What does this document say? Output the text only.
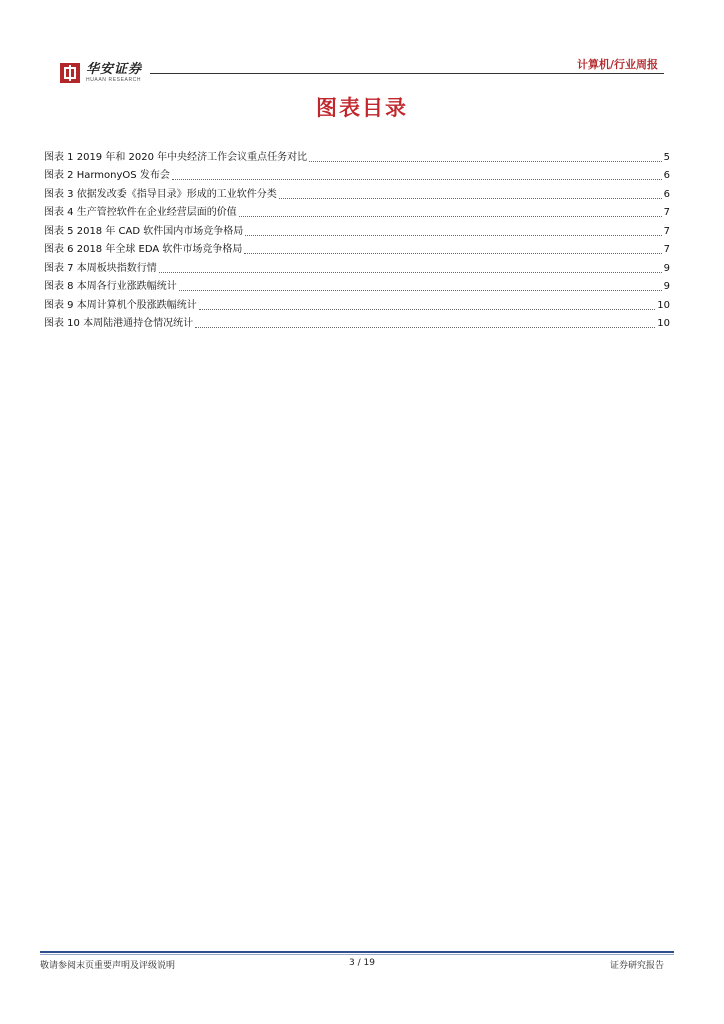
华安证券
HUAAN RESEARCH
计算机/行业周报
图表目录
图表 1 2019 年和 2020 年中央经济工作会议重点任务对比	5
图表 2 HarmonyOS 发布会	6
图表 3 依据发改委《指导目录》形成的工业软件分类	6
图表 4 生产管控软件在企业经营层面的价值	7
图表 5 2018 年 CAD 软件国内市场竞争格局	7
图表 6 2018 年全球 EDA 软件市场竞争格局	7
图表 7 本周板块指数行情	9
图表 8 本周各行业涨跌幅统计	9
图表 9 本周计算机个股涨跌幅统计	10
图表 10 本周陆港通持仓情况统计	10
敬请参阅末页重要声明及评级说明	3 / 19	证券研究报告
